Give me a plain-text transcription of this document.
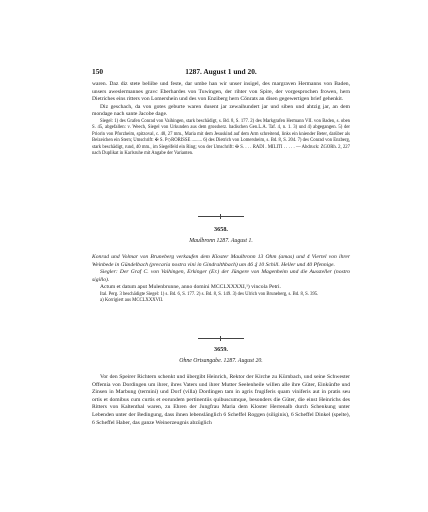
150	1287. August 1 und 20.

waren. Daz diz stete beliibe und feste, dar umbe han wir unser insigel, des margraven Hermanns von Baden, unsers aweslermannes gravc Eberhardes von Tuwingen, der rihter von Spire, der vorgesprochen frowen, hern Dietriches eins ritters von Lomershein und des von Enziberg hern Cönrats an disen gegewertigen brief gehenkit.

Diz geschach, da von gotes geburte waren dusent jar zewaihundert jar und siben und ahtzig jar, an dem mondage nach sante Jacobe dage.

Siegel: 1) des Grafen Conrad von Vaihingen, stark beschädigt, s. Bd. 8, S. 177. 2) des Markgrafen Hermann VII. von Baden, s. oben S. 45, abgefallen: v. Weech, Siegel von Urkunden aus dem grossherz. badischen Gen.L.A. Taf. 4, n. 1. 3) und 4) abgegangen. 5) der Priorin von Pforzheim, spitzoval, c. 48, 27 mm., Maria mit dem Jesuskind auf dem Arm schreitend, links ein kniender Beter, darüber als Beizeichen ein Stern; Umschrift: ✠ S. P◇RORISSE ......... 6) des Dietrich von Lomersheim, s. Bd. 8, S. 204. 7) des Conrad von Enzberg, stark beschädigt, rund, 40 mm., im Siegelfeld ein Ring; von der Umschrift: ✠ S. . . . RADI . MILITI . . . . . — Abdruck: ZGORh. 2, 227 nach Duplikat in Karlsruhe mit Angabe der Varianten.

3658.
Maulbronn 1287. August 1.

Konrad und Volmar von Bruneberg verkaufen dem Kloster Maulbronn 13 Ohm (amas) und 4 Viertel von ihrer Weinbede in Gündelbach (precaria nostra vini in Gindralthbach) um 46 ₰ 10 Schill. Heller und 40 Pfennige.

Siegler: Der Graf C. von Vaihingen, Erkinger (Er.) der Jüngere von Magenheim und die Aussteller (nostro sigillo).

Actum et datum aput Mulenbrunne, anno domini MCCLXXXXI,¹) vincola Petri.

Ital. Perg. 3 beschädigte Siegel: 1) s. Bd. 6, S. 177. 2) s. Bd. 8, S. 149. 3) des Ulrich von Bruneberg, s. Bd. 8, S. 395.

a) Korrigiert aus MCCLXXXVII.

3659.
Ohne Ortsangabe. 1287. August 20.

Vor den Speirer Richtern schenkt und übergibt Heinrich, Rektor der Kirche zu Kürnbach, und seine Schwester Offemia von Dordingen um ihrer, ihres Vaters und ihrer Mutter Seelenheile willen alle ihre Güter, Einkünfte und Zinsen in Marbung (termini) und Dorf (villa) Dordingen tam in agris frugiferis quam viniferis aut in pratis seu ortis et domibus cum curtis et eorundem pertinentiis quibuscumque, besonders die Güter, die einst Heinrichs des Ritters von Kaltenthal waren, zu Ehren der Jungfrau Maria dem Kloster Herrenalb durch Schenkung unter Lebenden unter der Bedingung, dass ihnen lebenslänglich 6 Scheffel Roggen (siliginis), 6 Scheffel Dinkel (spelte), 6 Scheffel Haber, das ganze Weinerzeugnis abzüglich
